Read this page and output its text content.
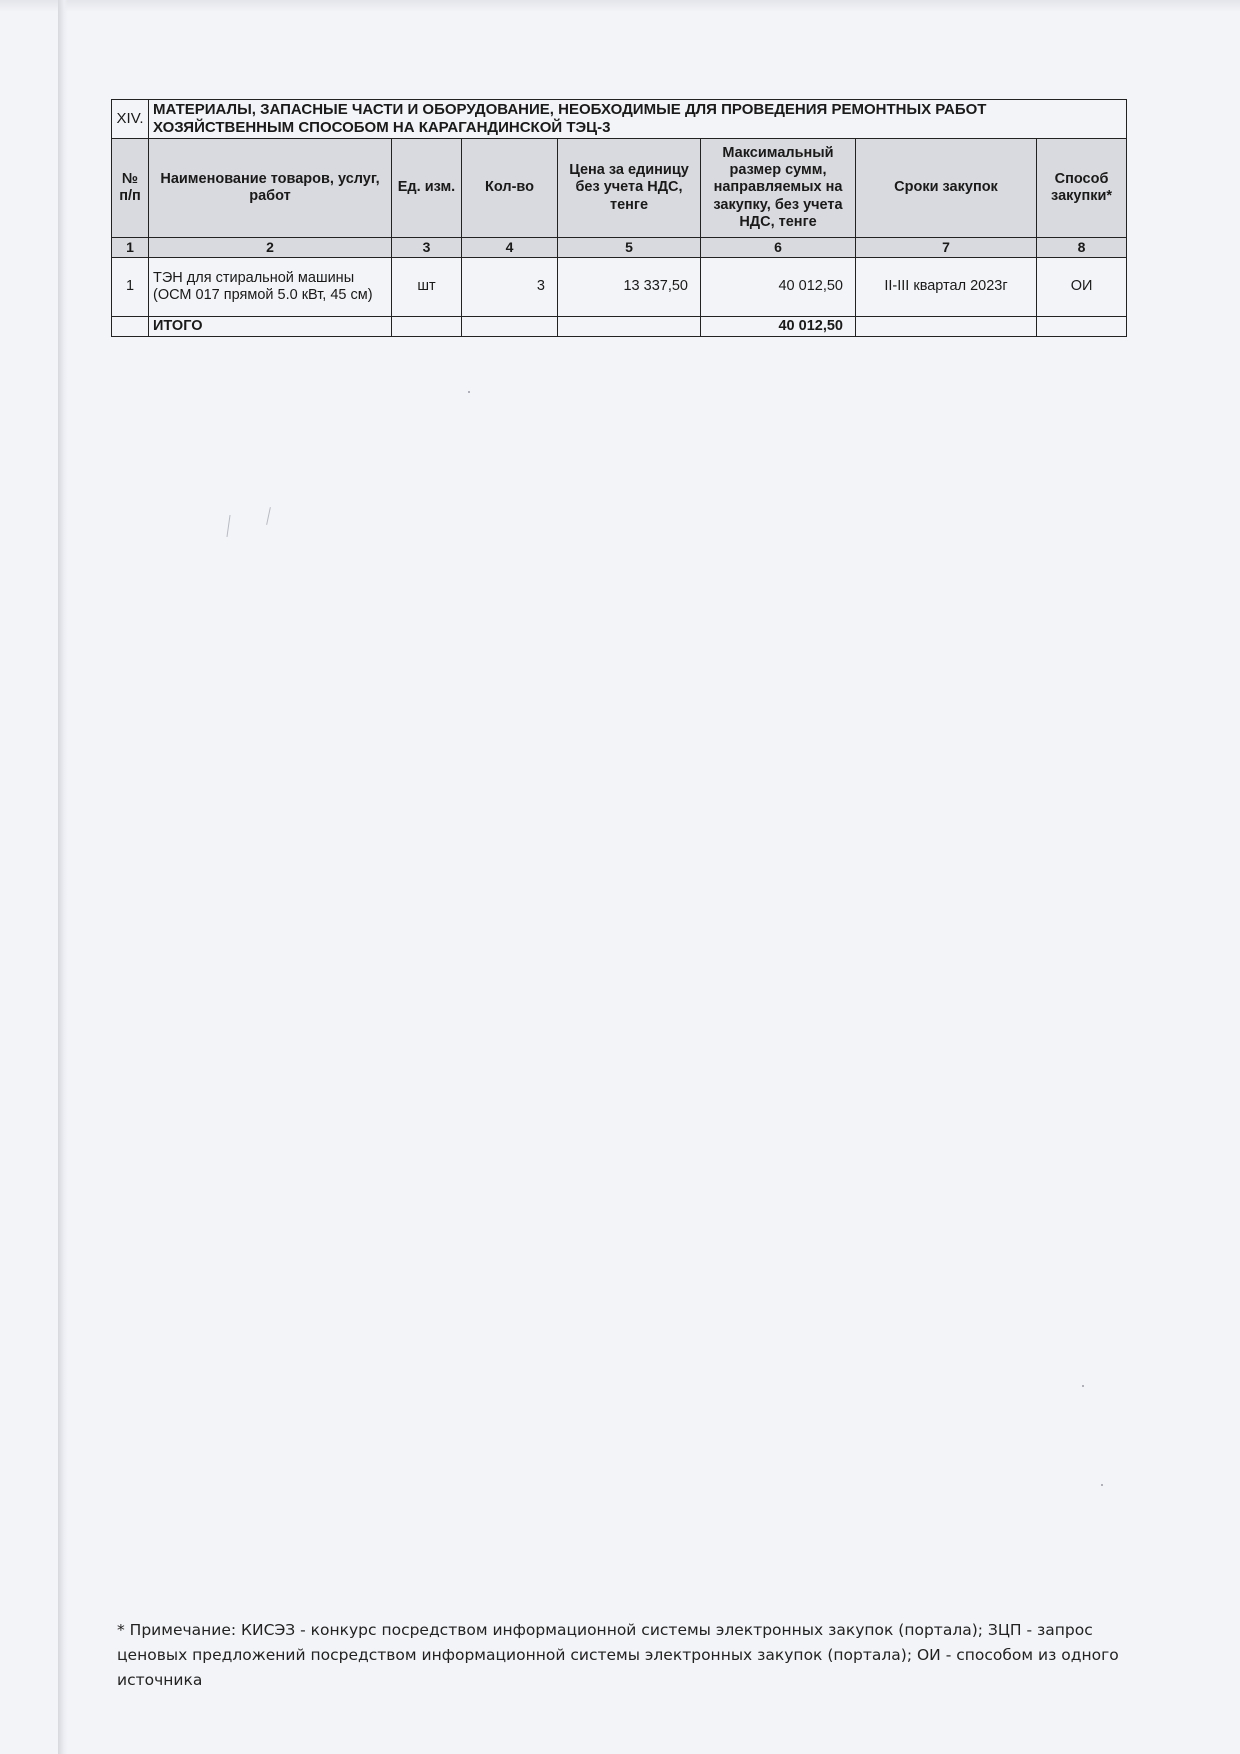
XIV.	МАТЕРИАЛЫ, ЗАПАСНЫЕ ЧАСТИ И ОБОРУДОВАНИЕ, НЕОБХОДИМЫЕ ДЛЯ ПРОВЕДЕНИЯ РЕМОНТНЫХ РАБОТ ХОЗЯЙСТВЕННЫМ СПОСОБОМ НА КАРАГАНДИНСКОЙ ТЭЦ-3						
№ п/п	Наименование товаров, услуг, работ	Ед. изм.	Кол-во	Цена за единицу без учета НДС, тенге	Максимальный размер сумм, направляемых на закупку, без учета НДС, тенге	Сроки закупок	Способ закупки*
1	2	3	4	5	6	7	8
1	ТЭН для стиральной машины (ОСМ 017 прямой 5.0 кВт, 45 см)	шт	3	13 337,50	40 012,50	II-III квартал 2023г	ОИ
	ИТОГО				40 012,50		
* Примечание: КИСЭЗ - конкурс посредством информационной системы электронных закупок (портала); ЗЦП - запрос ценовых предложений посредством информационной системы электронных закупок (портала); ОИ - способом из одного источника
